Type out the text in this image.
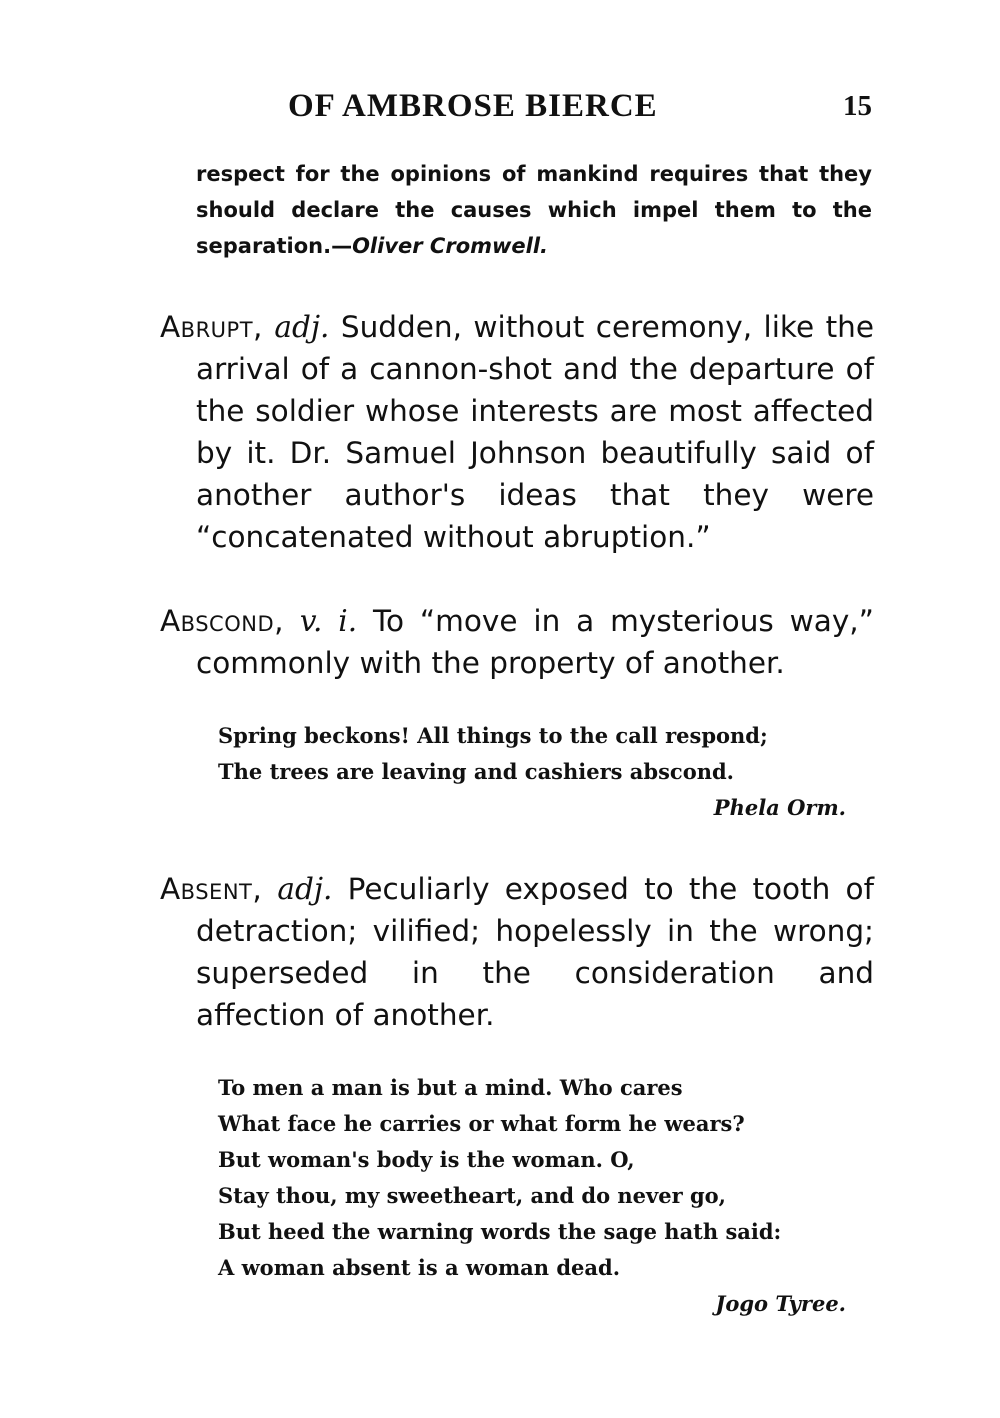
OF AMBROSE BIERCE	15
respect for the opinions of mankind requires that they should declare the causes which impel them to the separation.—Oliver Cromwell.
Abrupt, adj. Sudden, without ceremony, like the arrival of a cannon-shot and the departure of the soldier whose interests are most affected by it. Dr. Samuel Johnson beautifully said of another author's ideas that they were “concatenated without abruption.”
Abscond, v. i. To “move in a mysterious way,” commonly with the property of another.
Spring beckons! All things to the call respond;
The trees are leaving and cashiers abscond.
Phela Orm.
Absent, adj. Peculiarly exposed to the tooth of detraction; vilified; hopelessly in the wrong; superseded in the consideration and affection of another.
To men a man is but a mind. Who cares
What face he carries or what form he wears?
But woman's body is the woman. O,
Stay thou, my sweetheart, and do never go,
But heed the warning words the sage hath said:
A woman absent is a woman dead.
Jogo Tyree.
